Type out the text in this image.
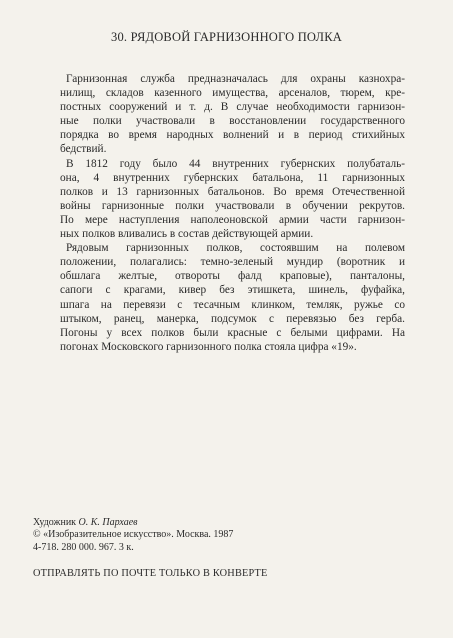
30. РЯДОВОЙ ГАРНИЗОННОГО ПОЛКА
Гарнизонная служба предназначалась для охраны казнохра-
нилищ, складов казенного имущества, арсеналов, тюрем, кре-
постных сооружений и т. д. В случае необходимости гарнизон-
ные полки участвовали в восстановлении государственного
порядка во время народных волнений и в период стихийных
бедствий.
В 1812 году было 44 внутренних губернских полубаталь-
она, 4 внутренних губернских батальона, 11 гарнизонных
полков и 13 гарнизонных батальонов. Во время Отечественной
войны гарнизонные полки участвовали в обучении рекрутов.
По мере наступления наполеоновской армии части гарнизон-
ных полков вливались в состав действующей армии.
Рядовым гарнизонных полков, состоявшим на полевом
положении, полагались: темно-зеленый мундир (воротник и
обшлага желтые, отвороты фалд краповые), панталоны,
сапоги с крагами, кивер без этишкета, шинель, фуфайка,
шпага на перевязи с тесачным клинком, темляк, ружье со
штыком, ранец, манерка, подсумок с перевязью без герба.
Погоны у всех полков были красные с белыми цифрами. На
погонах Московского гарнизонного полка стояла цифра «19».
Художник О. К. Пархаев
© «Изобразительное искусство». Москва. 1987
4-718. 280 000. 967. 3 к.
ОТПРАВЛЯТЬ ПО ПОЧТЕ ТОЛЬКО В КОНВЕРТЕ
